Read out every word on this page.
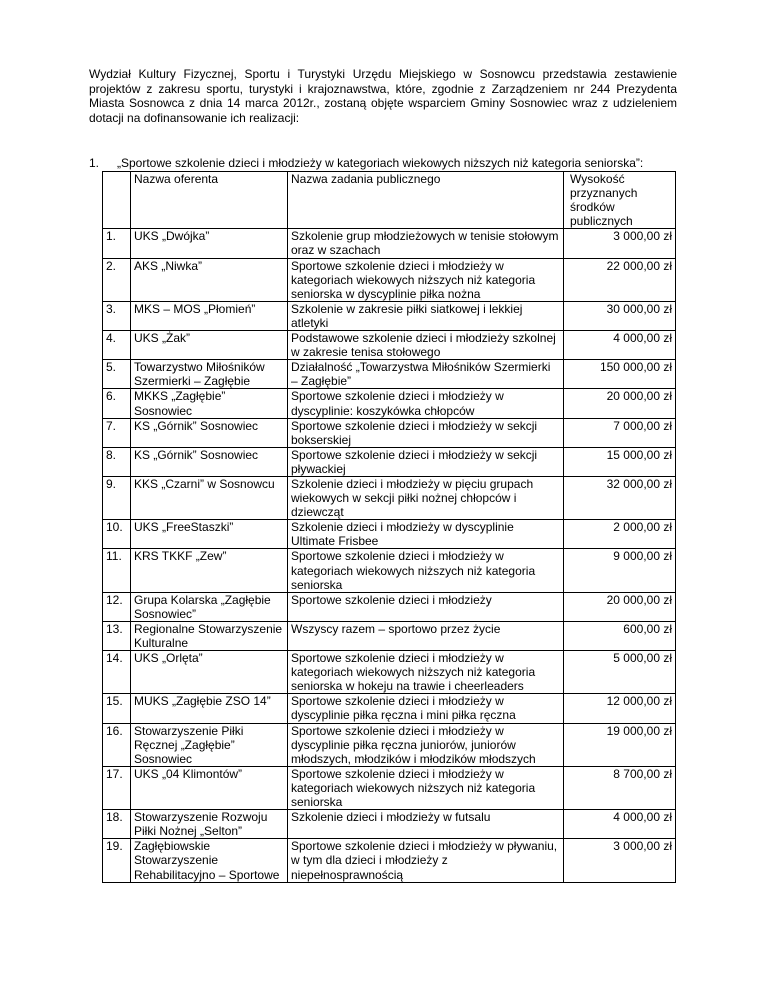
Wydział Kultury Fizycznej, Sportu i Turystyki Urzędu Miejskiego w Sosnowcu przedstawia zestawienie projektów z zakresu sportu, turystyki i krajoznawstwa, które, zgodnie z Zarządzeniem nr 244 Prezydenta Miasta Sosnowca z dnia 14 marca 2012r., zostaną objęte wsparciem Gminy Sosnowiec wraz z udzieleniem dotacji na dofinansowanie ich realizacji:

1. „Sportowe szkolenie dzieci i młodzieży w kategoriach wiekowych niższych niż kategoria seniorska”:

	Nazwa oferenta	Nazwa zadania publicznego	Wysokość przyznanych środków publicznych
1.	UKS „Dwójka”	Szkolenie grup młodzieżowych w tenisie stołowym oraz w szachach	3 000,00 zł
2.	AKS „Niwka”	Sportowe szkolenie dzieci i młodzieży w kategoriach wiekowych niższych niż kategoria seniorska w dyscyplinie piłka nożna	22 000,00 zł
3.	MKS – MOS „Płomień”	Szkolenie w zakresie piłki siatkowej i lekkiej atletyki	30 000,00 zł
4.	UKS „Żak”	Podstawowe szkolenie dzieci i młodzieży szkolnej w zakresie tenisa stołowego	4 000,00 zł
5.	Towarzystwo Miłośników Szermierki – Zagłębie	Działalność „Towarzystwa Miłośników Szermierki – Zagłębie”	150 000,00 zł
6.	MKKS „Zagłębie” Sosnowiec	Sportowe szkolenie dzieci i młodzieży w dyscyplinie: koszykówka chłopców	20 000,00 zł
7.	KS „Górnik” Sosnowiec	Sportowe szkolenie dzieci i młodzieży w sekcji bokserskiej	7 000,00 zł
8.	KS „Górnik” Sosnowiec	Sportowe szkolenie dzieci i młodzieży w sekcji pływackiej	15 000,00 zł
9.	KKS „Czarni” w Sosnowcu	Szkolenie dzieci i młodzieży w pięciu grupach wiekowych w sekcji piłki nożnej chłopców i dziewcząt	32 000,00 zł
10.	UKS „FreeStaszki”	Szkolenie dzieci i młodzieży w dyscyplinie Ultimate Frisbee	2 000,00 zł
11.	KRS TKKF „Zew”	Sportowe szkolenie dzieci i młodzieży w kategoriach wiekowych niższych niż kategoria seniorska	9 000,00 zł
12.	Grupa Kolarska „Zagłębie Sosnowiec”	Sportowe szkolenie dzieci i młodzieży	20 000,00 zł
13.	Regionalne Stowarzyszenie Kulturalne	Wszyscy razem – sportowo przez życie	600,00 zł
14.	UKS „Orlęta”	Sportowe szkolenie dzieci i młodzieży w kategoriach wiekowych niższych niż kategoria seniorska w hokeju na trawie i cheerleaders	5 000,00 zł
15.	MUKS „Zagłębie ZSO 14”	Sportowe szkolenie dzieci i młodzieży w dyscyplinie piłka ręczna i mini piłka ręczna	12 000,00 zł
16.	Stowarzyszenie Piłki Ręcznej „Zagłębie” Sosnowiec	Sportowe szkolenie dzieci i młodzieży w dyscyplinie piłka ręczna juniorów, juniorów młodszych, młodzików i młodzików młodszych	19 000,00 zł
17.	UKS „04 Klimontów”	Sportowe szkolenie dzieci i młodzieży w kategoriach wiekowych niższych niż kategoria seniorska	8 700,00 zł
18.	Stowarzyszenie Rozwoju Piłki Nożnej „Selton”	Szkolenie dzieci i młodzieży w futsalu	4 000,00 zł
19.	Zagłębiowskie Stowarzyszenie Rehabilitacyjno – Sportowe	Sportowe szkolenie dzieci i młodzieży w pływaniu, w tym dla dzieci i młodzieży z niepełnosprawnością	3 000,00 zł
